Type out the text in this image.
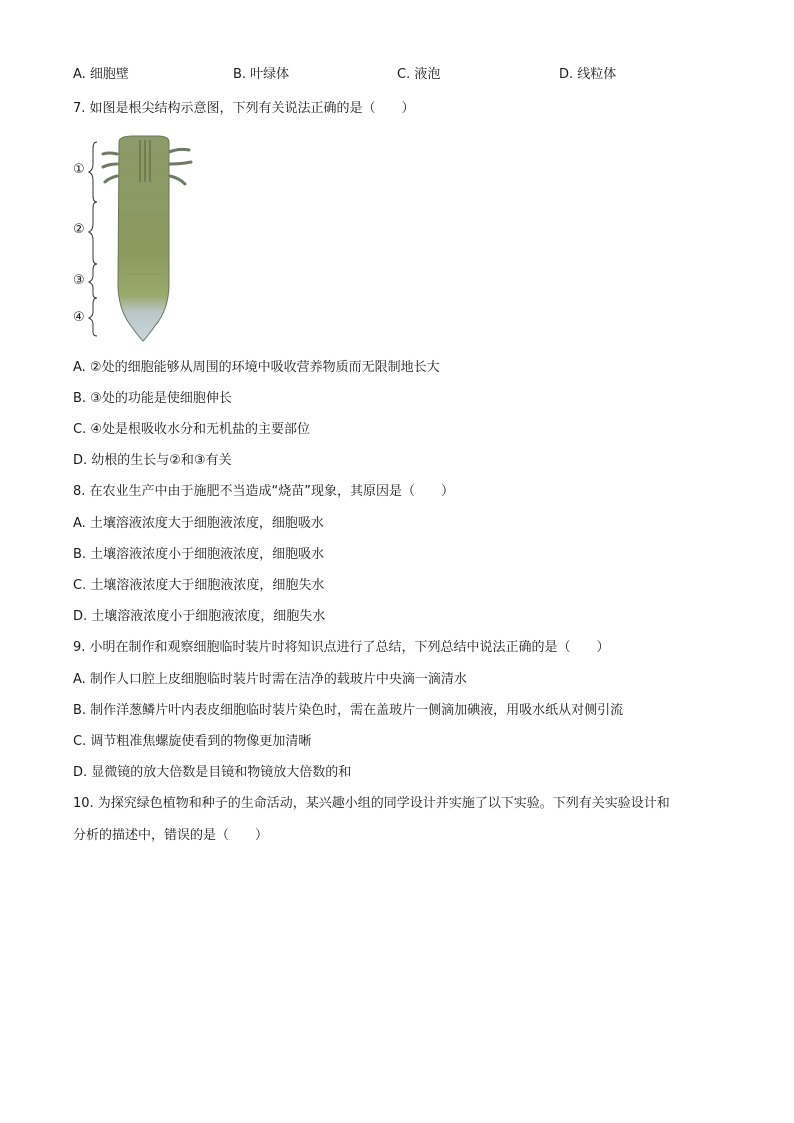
A. 细胞壁	B. 叶绿体	C. 液泡	D. 线粒体
7. 如图是根尖结构示意图，下列有关说法正确的是（　　）
①
②
③
④
A. ②处的细胞能够从周围的环境中吸收营养物质而无限制地长大
B. ③处的功能是使细胞伸长
C. ④处是根吸收水分和无机盐的主要部位
D. 幼根的生长与②和③有关
8. 在农业生产中由于施肥不当造成“烧苗”现象，其原因是（　　）
A. 土壤溶液浓度大于细胞液浓度，细胞吸水
B. 土壤溶液浓度小于细胞液浓度，细胞吸水
C. 土壤溶液浓度大于细胞液浓度，细胞失水
D. 土壤溶液浓度小于细胞液浓度，细胞失水
9. 小明在制作和观察细胞临时装片时将知识点进行了总结，下列总结中说法正确的是（　　）
A. 制作人口腔上皮细胞临时装片时需在洁净的载玻片中央滴一滴清水
B. 制作洋葱鳞片叶内表皮细胞临时装片染色时，需在盖玻片一侧滴加碘液，用吸水纸从对侧引流
C. 调节粗准焦螺旋使看到的物像更加清晰
D. 显微镜的放大倍数是目镜和物镜放大倍数的和
10. 为探究绿色植物和种子的生命活动，某兴趣小组的同学设计并实施了以下实验。下列有关实验设计和
分析的描述中，错误的是（　　）
